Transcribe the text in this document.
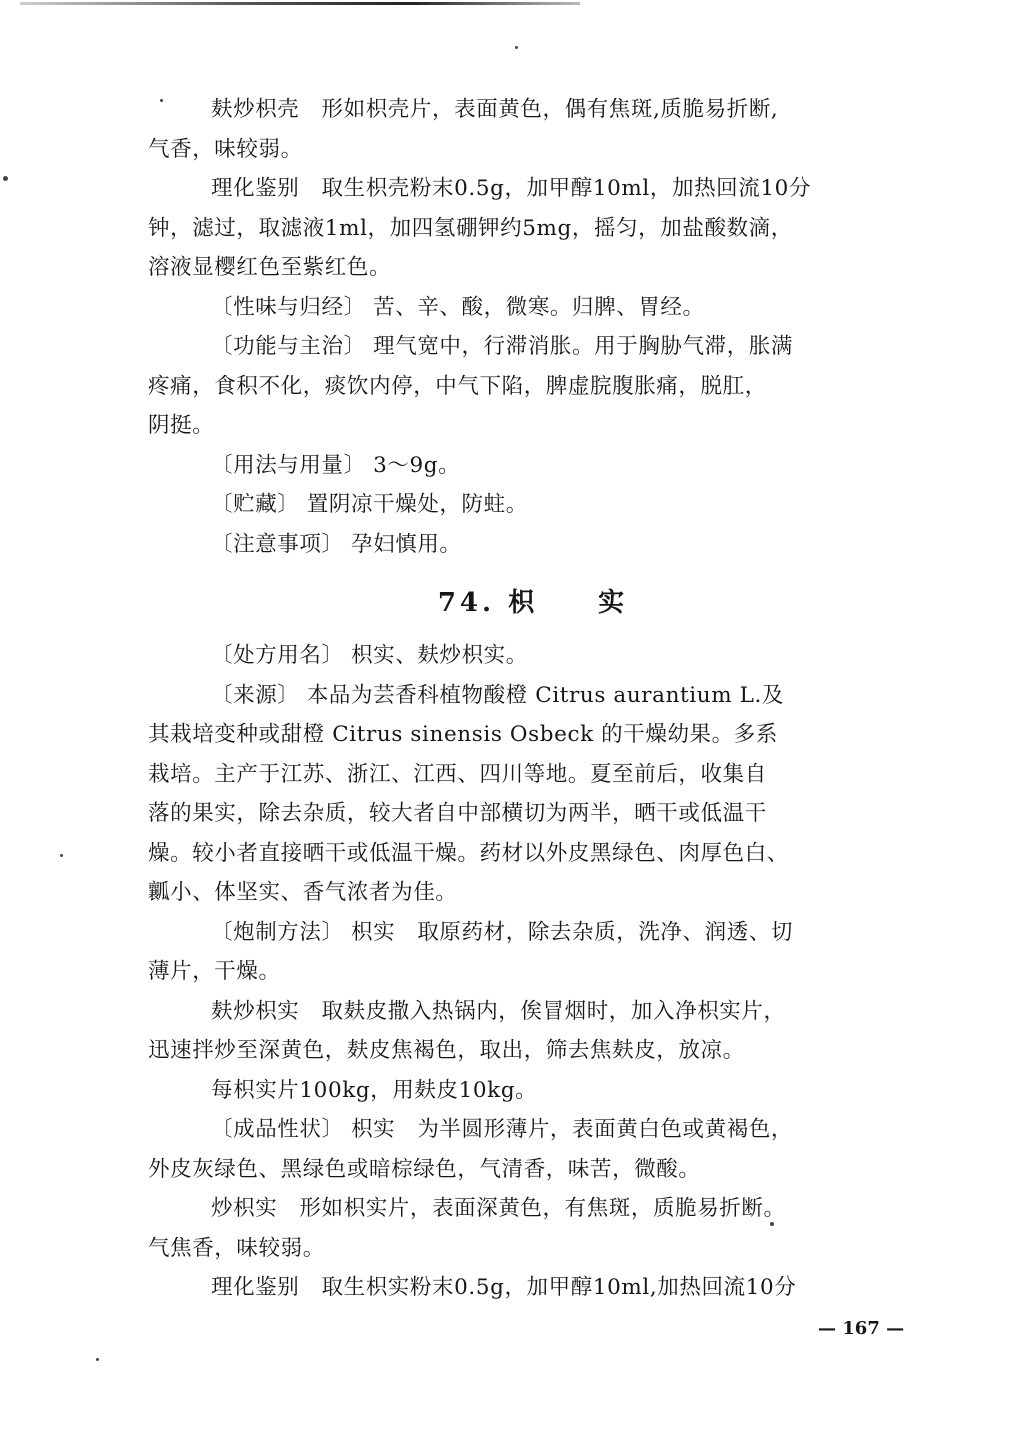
麸炒枳壳　形如枳壳片，表面黄色，偶有焦斑,质脆易折断,
气香，味较弱。
理化鉴别　取生枳壳粉末0.5g，加甲醇10ml，加热回流10分
钟，滤过，取滤液1ml，加四氢硼钾约5mg，摇匀，加盐酸数滴，
溶液显樱红色至紫红色。
〔性味与归经〕 苦、辛、酸，微寒。归脾、胃经。
〔功能与主治〕 理气宽中，行滞消胀。用于胸胁气滞，胀满
疼痛，食积不化，痰饮内停，中气下陷，脾虚脘腹胀痛，脱肛，
阴挺。
〔用法与用量〕 3～9g。
〔贮藏〕 置阴凉干燥处，防蛀。
〔注意事项〕 孕妇慎用。
74. 枳 实
〔处方用名〕 枳实、麸炒枳实。
〔来源〕 本品为芸香科植物酸橙 Citrus aurantium L.及
其栽培变种或甜橙 Citrus sinensis Osbeck 的干燥幼果。多系
栽培。主产于江苏、浙江、江西、四川等地。夏至前后，收集自
落的果实，除去杂质，较大者自中部横切为两半，晒干或低温干
燥。较小者直接晒干或低温干燥。药材以外皮黑绿色、肉厚色白、
瓤小、体坚实、香气浓者为佳。
〔炮制方法〕 枳实　取原药材，除去杂质，洗净、润透、切
薄片，干燥。
麸炒枳实　取麸皮撒入热锅内，俟冒烟时，加入净枳实片，
迅速拌炒至深黄色，麸皮焦褐色，取出，筛去焦麸皮，放凉。
每枳实片100kg，用麸皮10kg。
〔成品性状〕 枳实　为半圆形薄片，表面黄白色或黄褐色，
外皮灰绿色、黑绿色或暗棕绿色，气清香，味苦，微酸。
炒枳实　形如枳实片，表面深黄色，有焦斑，质脆易折断。
气焦香，味较弱。
理化鉴别　取生枳实粉末0.5g，加甲醇10ml,加热回流10分
— 167 —
